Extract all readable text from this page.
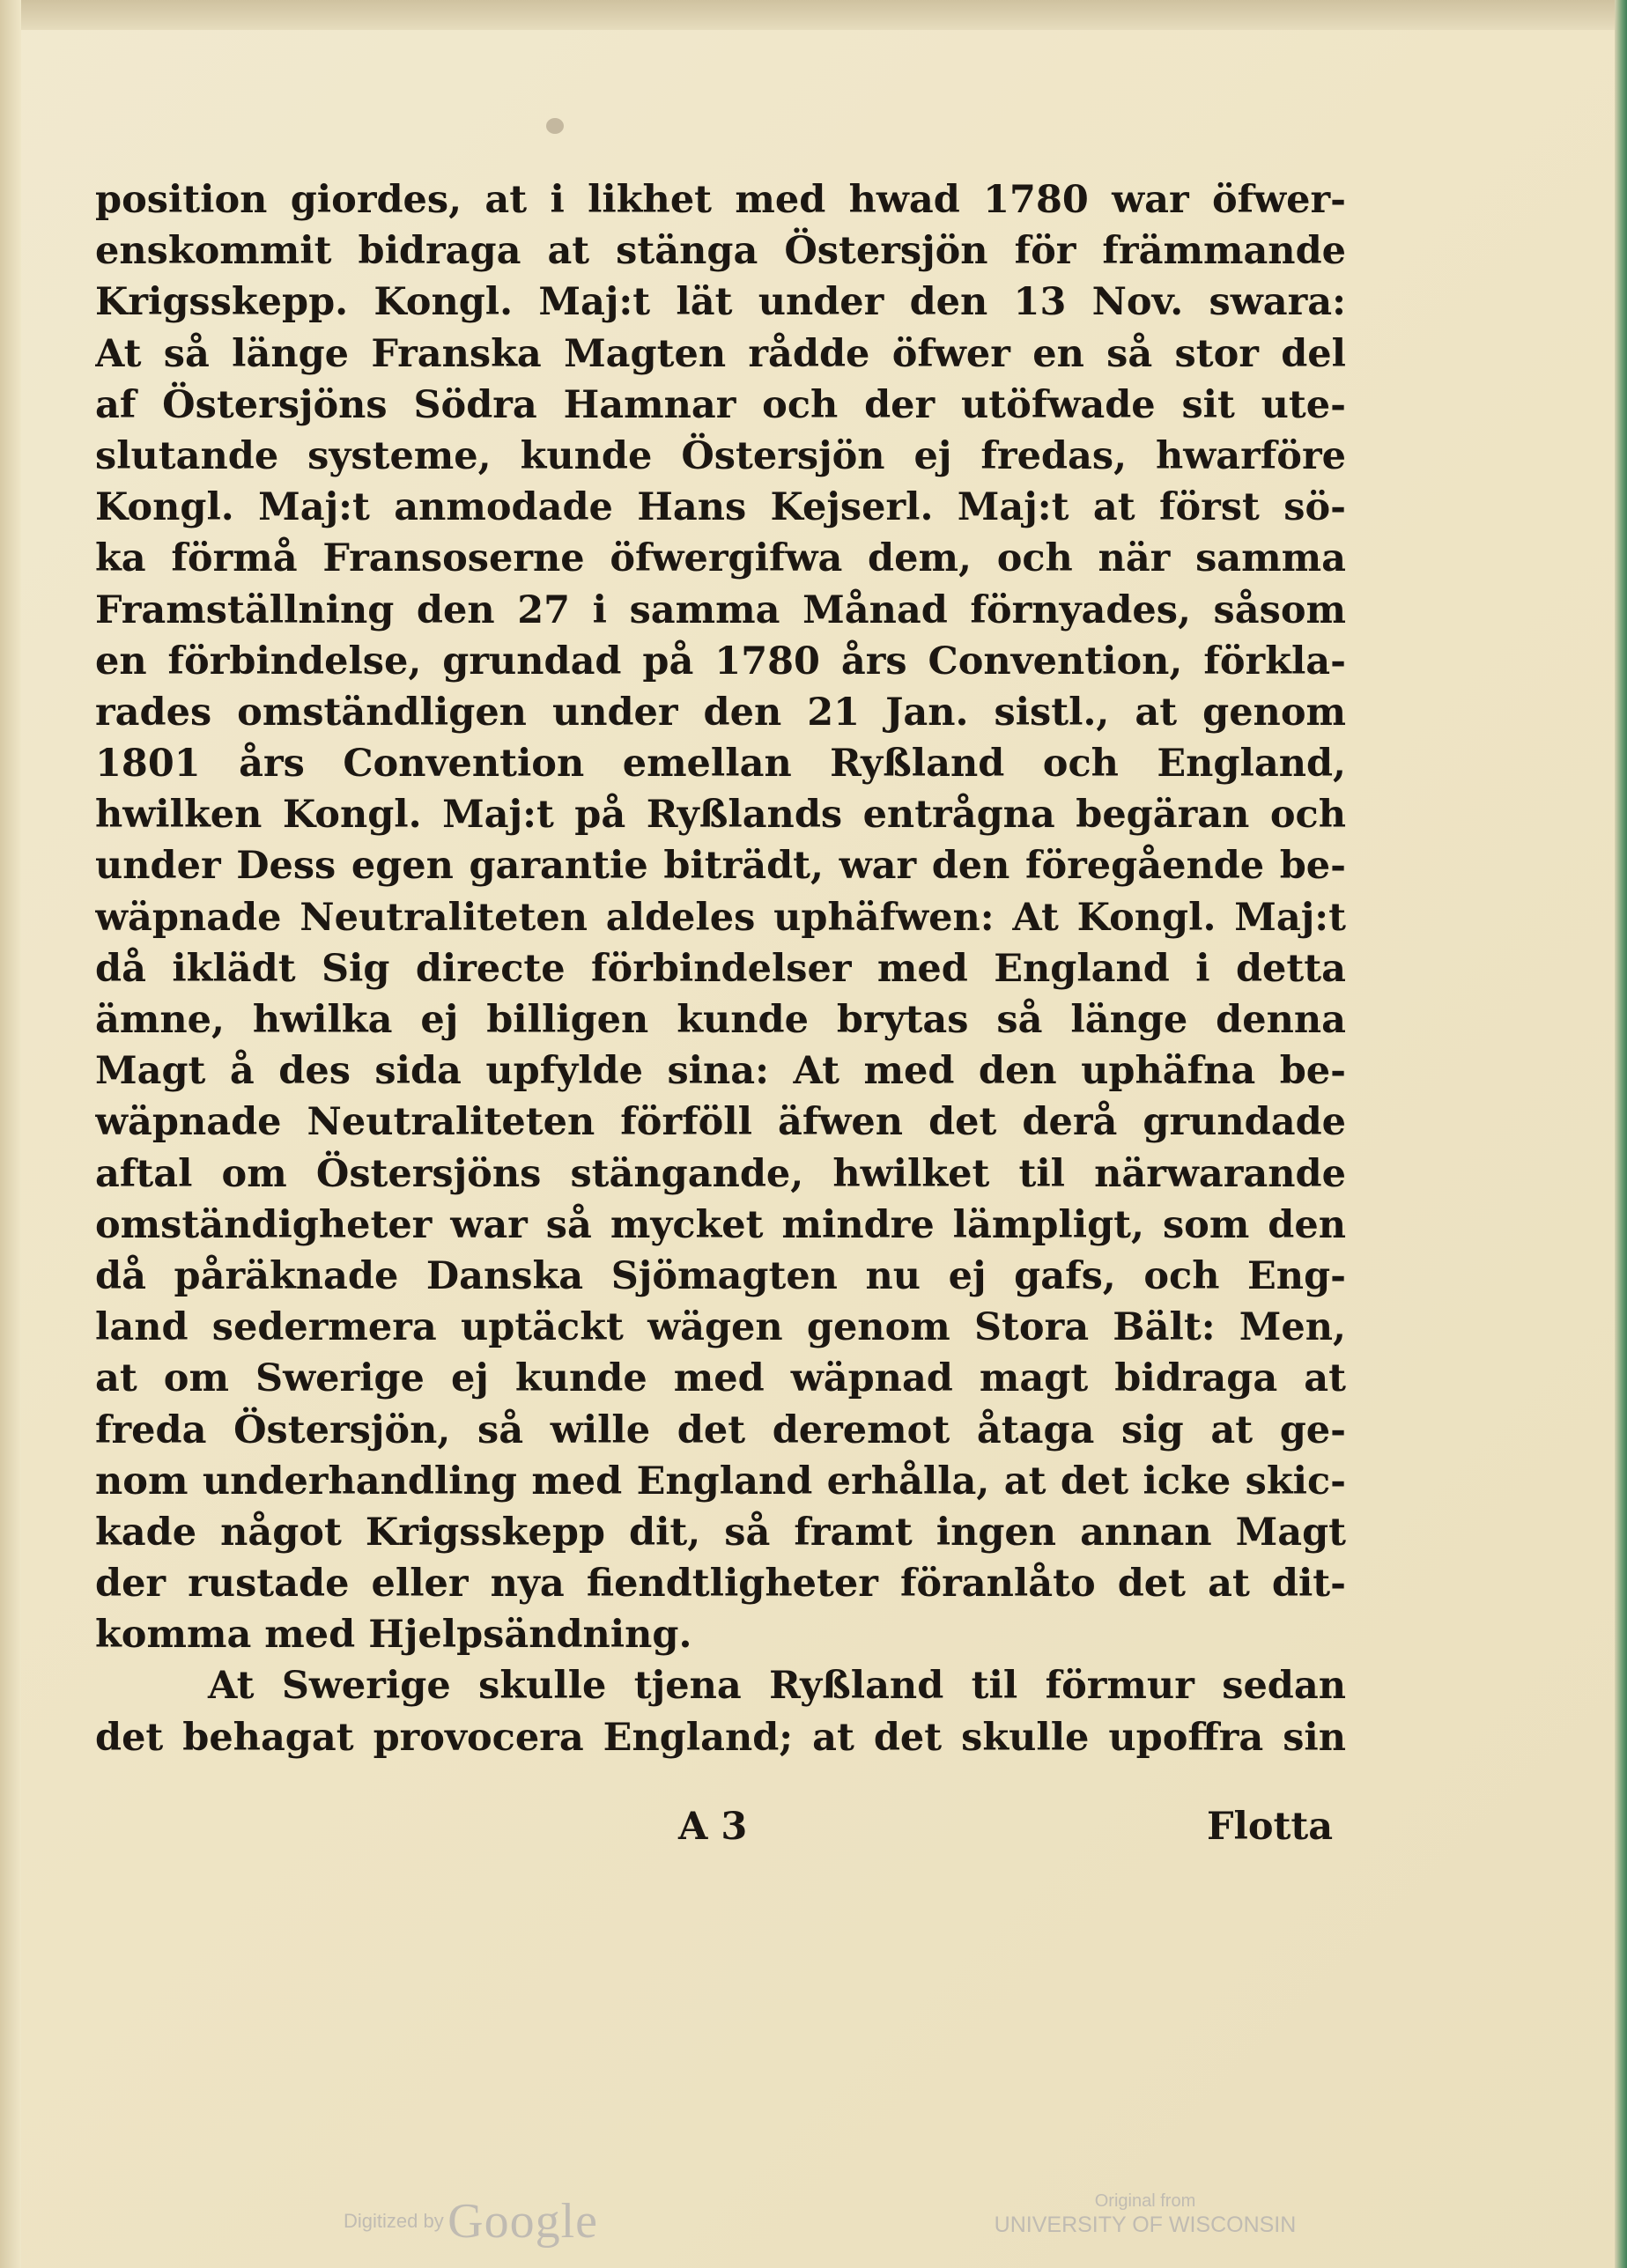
position giordes, at i likhet med hwad 1780 war öfwer-
enskommit bidraga at stänga Östersjön för främmande
Krigsskepp. Kongl. Maj:t lät under den 13 Nov. swara:
At så länge Franska Magten rådde öfwer en så stor del
af Östersjöns Södra Hamnar och der utöfwade sit ute-
slutande systeme, kunde Östersjön ej fredas, hwarföre
Kongl. Maj:t anmodade Hans Kejserl. Maj:t at först sö-
ka förmå Fransoserne öfwergifwa dem, och när samma
Framställning den 27 i samma Månad förnyades, såsom
en förbindelse, grundad på 1780 års Convention, förkla-
rades omständligen under den 21 Jan. sistl., at genom
1801 års Convention emellan Ryßland och England,
hwilken Kongl. Maj:t på Ryßlands entrågna begäran och
under Dess egen garantie biträdt, war den föregående be-
wäpnade Neutraliteten aldeles uphäfwen: At Kongl. Maj:t
då iklädt Sig directe förbindelser med England i detta
ämne, hwilka ej billigen kunde brytas så länge denna
Magt å des sida upfylde sina: At med den uphäfna be-
wäpnade Neutraliteten förföll äfwen det derå grundade
aftal om Östersjöns stängande, hwilket til närwarande
omständigheter war så mycket mindre lämpligt, som den
då påräknade Danska Sjömagten nu ej gafs, och Eng-
land sedermera uptäckt wägen genom Stora Bält: Men,
at om Swerige ej kunde med wäpnad magt bidraga at
freda Östersjön, så wille det deremot åtaga sig at ge-
nom underhandling med England erhålla, at det icke skic-
kade något Krigsskepp dit, så framt ingen annan Magt
der rustade eller nya fiendtligheter föranlåto det at dit-
komma med Hjelpsändning.
At Swerige skulle tjena Ryßland til förmur sedan
det behagat provocera England; at det skulle upoffra sin
A 3	Flotta
Digitized by Google	Original from
UNIVERSITY OF WISCONSIN
